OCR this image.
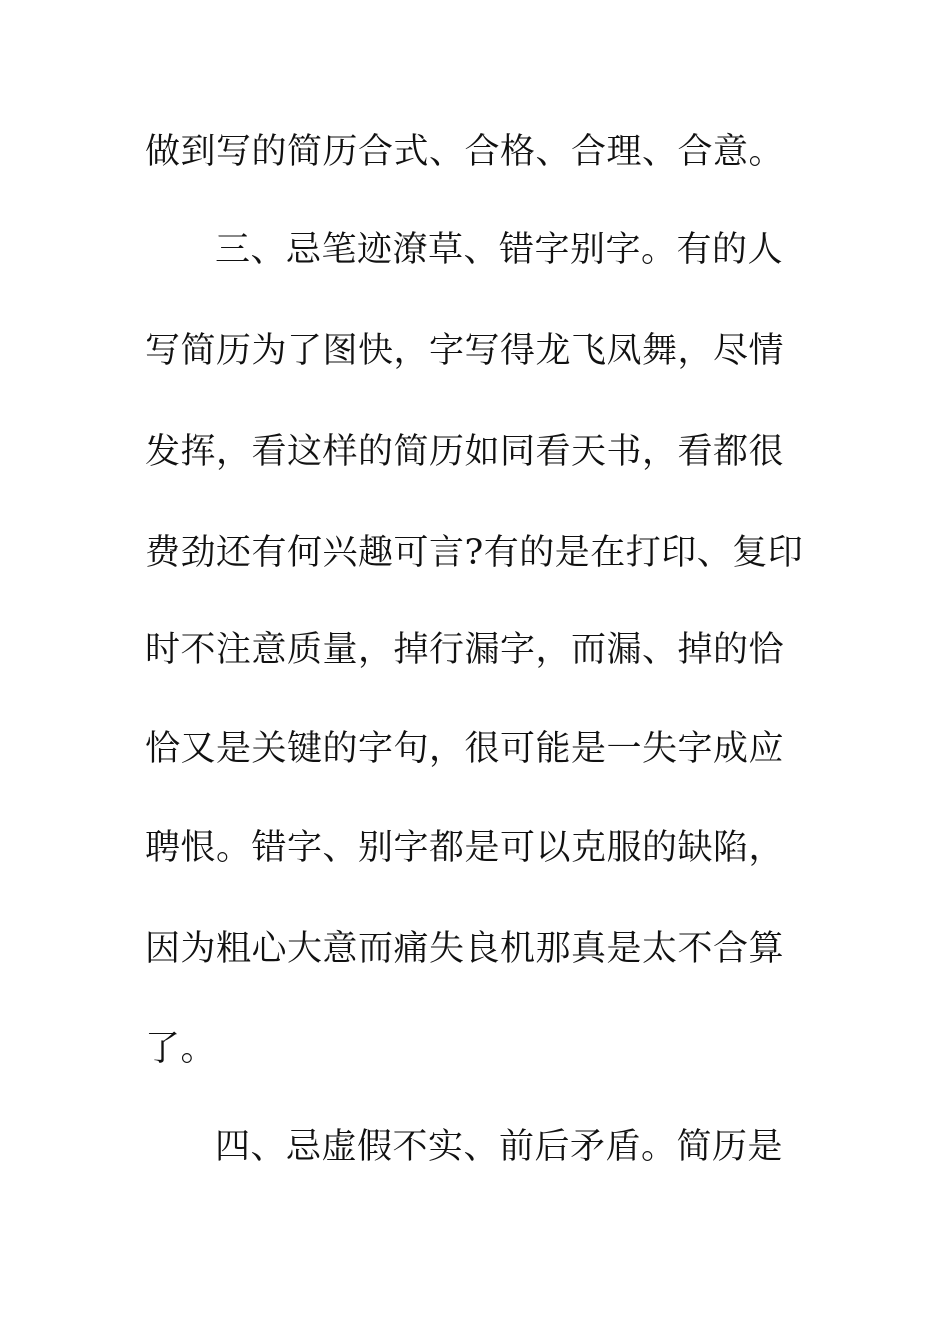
做到写的简历合式、合格、合理、合意。
三、忌笔迹潦草、错字别字。有的人
写简历为了图快，字写得龙飞凤舞，尽情
发挥，看这样的简历如同看天书，看都很
费劲还有何兴趣可言?有的是在打印、复印
时不注意质量，掉行漏字，而漏、掉的恰
恰又是关键的字句，很可能是一失字成应
聘恨。错字、别字都是可以克服的缺陷，
因为粗心大意而痛失良机那真是太不合算
了。
四、忌虚假不实、前后矛盾。简历是
